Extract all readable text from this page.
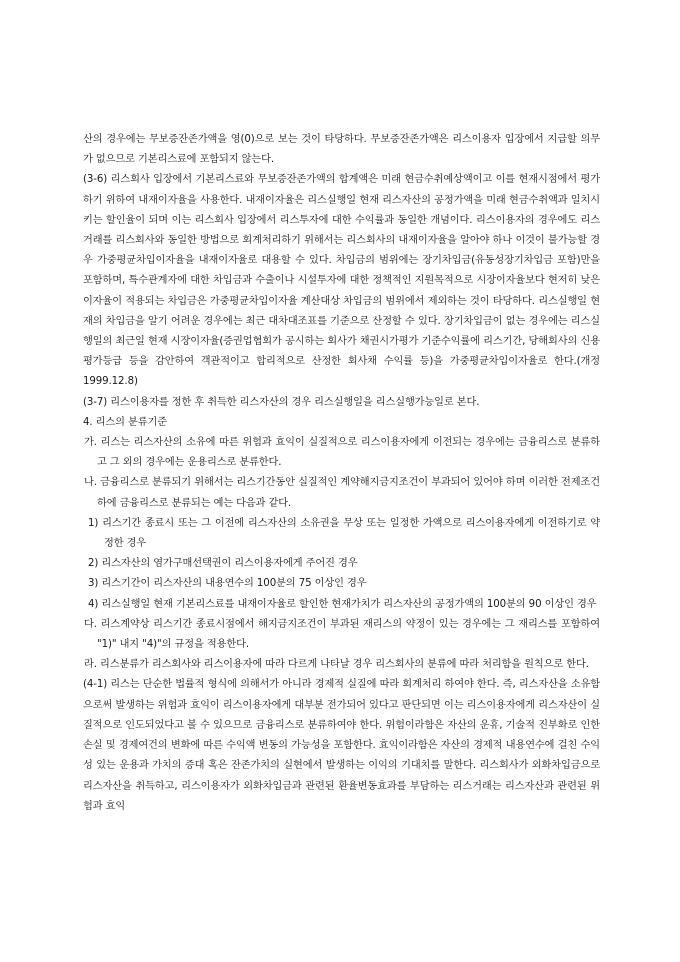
산의 경우에는 무보증잔존가액을 영(0)으로 보는 것이 타당하다. 무보증잔존가액은 리스이용자 입장에서 지급할 의무가 없으므로 기본리스료에 포함되지 않는다.

(3-6) 리스회사 입장에서 기본리스료와 무보증잔존가액의 합계액은 미래 현금수취예상액이고 이를 현재시점에서 평가하기 위하여 내재이자율을 사용한다. 내재이자율은 리스실행일 현재 리스자산의 공정가액을 미래 현금수취액과 일치시키는 할인율이 되며 이는 리스회사 입장에서 리스투자에 대한 수익률과 동일한 개념이다. 리스이용자의 경우에도 리스거래를 리스회사와 동일한 방법으로 회계처리하기 위해서는 리스회사의 내재이자율을 알아야 하나 이것이 불가능할 경우 가중평균차입이자율을 내재이자율로 대용할 수 있다. 차입금의 범위에는 장기차입금(유동성장기차입금 포함)만을 포함하며, 특수관계자에 대한 차입금과 수출이나 시설투자에 대한 정책적인 지원목적으로 시장이자율보다 현저히 낮은 이자율이 적용되는 차입금은 가중평균차입이자율 계산대상 차입금의 범위에서 제외하는 것이 타당하다. 리스실행일 현재의 차입금을 알기 어려운 경우에는 최근 대차대조표를 기준으로 산정할 수 있다. 장기차입금이 없는 경우에는 리스실행일의 최근일 현재 시장이자율(증권업협회가 공시하는 회사가 채권시가평가 기준수익률에 리스기간, 당해회사의 신용평가등급 등을 감안하여 객관적이고 합리적으로 산정한 회사채 수익률 등)을 가중평균차입이자율로 한다.(개정 1999.12.8)

(3-7) 리스이용자를 정한 후 취득한 리스자산의 경우 리스실행일을 리스실행가능일로 본다.

4. 리스의 분류기준

가. 리스는 리스자산의 소유에 따른 위험과 효익이 실질적으로 리스이용자에게 이전되는 경우에는 금융리스로 분류하고 그 외의 경우에는 운용리스로 분류한다.

나. 금융리스로 분류되기 위해서는 리스기간동안 실질적인 계약해지금지조건이 부과되어 있어야 하며 이러한 전제조건하에 금융리스로 분류되는 예는 다음과 같다.

1) 리스기간 종료시 또는 그 이전에 리스자산의 소유권을 무상 또는 일정한 가액으로 리스이용자에게 이전하기로 약정한 경우

2) 리스자산의 염가구매선택권이 리스이용자에게 주어진 경우

3) 리스기간이 리스자산의 내용연수의 100분의 75 이상인 경우

4) 리스실행일 현재 기본리스료를 내재이자율로 할인한 현재가치가 리스자산의 공정가액의 100분의 90 이상인 경우

다. 리스계약상 리스기간 종료시점에서 해지금지조건이 부과된 재리스의 약정이 있는 경우에는 그 재리스를 포함하여 "1)" 내지 "4)"의 규정을 적용한다.

라. 리스분류가 리스회사와 리스이용자에 따라 다르게 나타날 경우 리스회사의 분류에 따라 처리함을 원칙으로 한다.

(4-1) 리스는 단순한 법률적 형식에 의해서가 아니라 경제적 실질에 따라 회계처리 하여야 한다. 즉, 리스자산을 소유함으로써 발생하는 위험과 효익이 리스이용자에게 대부분 전가되어 있다고 판단되면 이는 리스이용자에게 리스자산이 실질적으로 인도되었다고 볼 수 있으므로 금융리스로 분류하여야 한다. 위험이라함은 자산의 운휴, 기술적 진부화로 인한 손실 및 경제여건의 변화에 따른 수익액 변동의 가능성을 포함한다. 효익이라함은 자산의 경제적 내용연수에 걸친 수익성 있는 운용과 가치의 증대 혹은 잔존가치의 실현에서 발생하는 이익의 기대치를 말한다. 리스회사가 외화차입금으로 리스자산을 취득하고, 리스이용자가 외화차입금과 관련된 환율변동효과를 부담하는 리스거래는 리스자산과 관련된 위험과 효익
